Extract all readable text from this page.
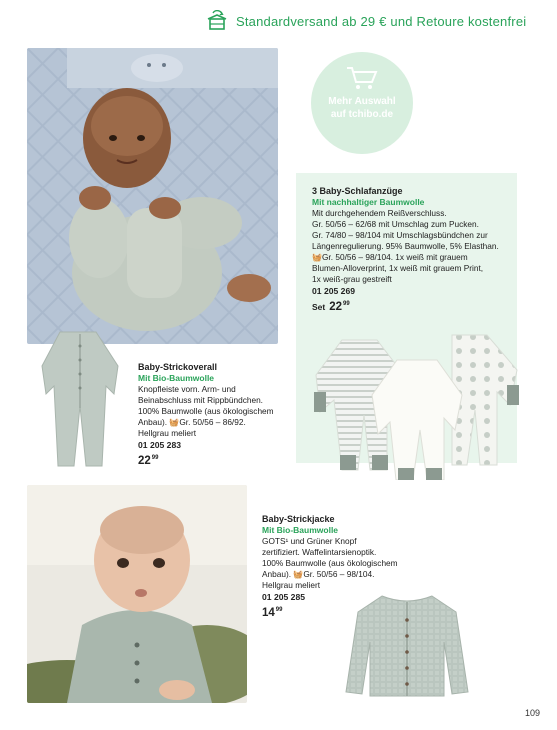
Standardversand ab 29 € und Retoure kostenfrei
Mehr Auswahl
auf tchibo.de
3 Baby-Schlafanzüge
Mit nachhaltiger Baumwolle
Mit durchgehendem Reißverschluss.
Gr. 50/56 – 62/68 mit Umschlag zum Pucken.
Gr. 74/80 – 98/104 mit Umschlagsbündchen zur
Längenregulierung. 95% Baumwolle, 5% Elasthan.
🧺Gr. 50/56 – 98/104. 1x weiß mit grauem
Blumen-Alloverprint, 1x weiß mit grauem Print,
1x weiß-grau gestreift
01 205 269
Set $22^{99}$
Baby-Strickoverall
Mit Bio-Baumwolle
Knopfleiste vorn. Arm- und
Beinabschluss mit Rippbündchen.
100% Baumwolle (aus ökologischem
Anbau). 🧺Gr. 50/56 – 86/92.
Hellgrau meliert
01 205 283
$22^{99}$
Baby-Strickjacke
Mit Bio-Baumwolle
GOTS¹ und Grüner Knopf
zertifiziert. Waffelintarsienoptik.
100% Baumwolle (aus ökologischem
Anbau). 🧺Gr. 50/56 – 98/104.
Hellgrau meliert
01 205 285
$14^{99}$
109
